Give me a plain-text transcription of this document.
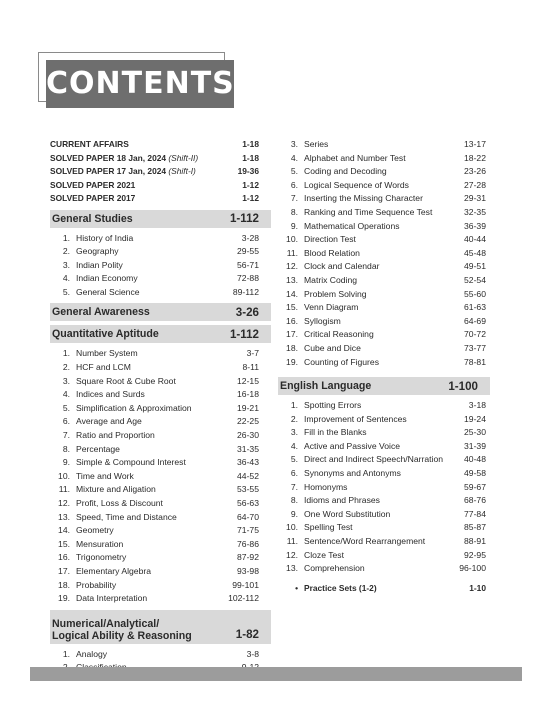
CONTENTS
CURRENT AFFAIRS	1-18
SOLVED PAPER 18 Jan, 2024 (Shift-II)	1-18
SOLVED PAPER 17 Jan, 2024 (Shift-I)	19-36
SOLVED PAPER 2021	1-12
SOLVED PAPER 2017	1-12
General Studies	1-112
1. History of India	3-28
2. Geography	29-55
3. Indian Polity	56-71
4. Indian Economy	72-88
5. General Science	89-112
General Awareness	3-26
Quantitative Aptitude	1-112
1. Number System	3-7
2. HCF and LCM	8-11
3. Square Root & Cube Root	12-15
4. Indices and Surds	16-18
5. Simplification & Approximation	19-21
6. Average and Age	22-25
7. Ratio and Proportion	26-30
8. Percentage	31-35
9. Simple & Compound Interest	36-43
10. Time and Work	44-52
11. Mixture and Aligation	53-55
12. Profit, Loss & Discount	56-63
13. Speed, Time and Distance	64-70
14. Geometry	71-75
15. Mensuration	76-86
16. Trigonometry	87-92
17. Elementary Algebra	93-98
18. Probability	99-101
19. Data Interpretation	102-112
Numerical/Analytical/
Logical Ability & Reasoning	1-82
1. Analogy	3-8
3. Series	13-17
4. Alphabet and Number Test	18-22
5. Coding and Decoding	23-26
6. Logical Sequence of Words	27-28
7. Inserting the Missing Character	29-31
8. Ranking and Time Sequence Test	32-35
9. Mathematical Operations	36-39
10. Direction Test	40-44
11. Blood Relation	45-48
12. Clock and Calendar	49-51
13. Matrix Coding	52-54
14. Problem Solving	55-60
15. Venn Diagram	61-63
16. Syllogism	64-69
17. Critical Reasoning	70-72
18. Cube and Dice	73-77
19. Counting of Figures	78-81
English Language	1-100
1. Spotting Errors	3-18
2. Improvement of Sentences	19-24
3. Fill in the Blanks	25-30
4. Active and Passive Voice	31-39
5. Direct and Indirect Speech/Narration	40-48
6. Synonyms and Antonyms	49-58
7. Homonyms	59-67
8. Idioms and Phrases	68-76
9. One Word Substitution	77-84
10. Spelling Test	85-87
11. Sentence/Word Rearrangement	88-91
12. Cloze Test	92-95
13. Comprehension	96-100
• Practice Sets (1-2)	1-10
